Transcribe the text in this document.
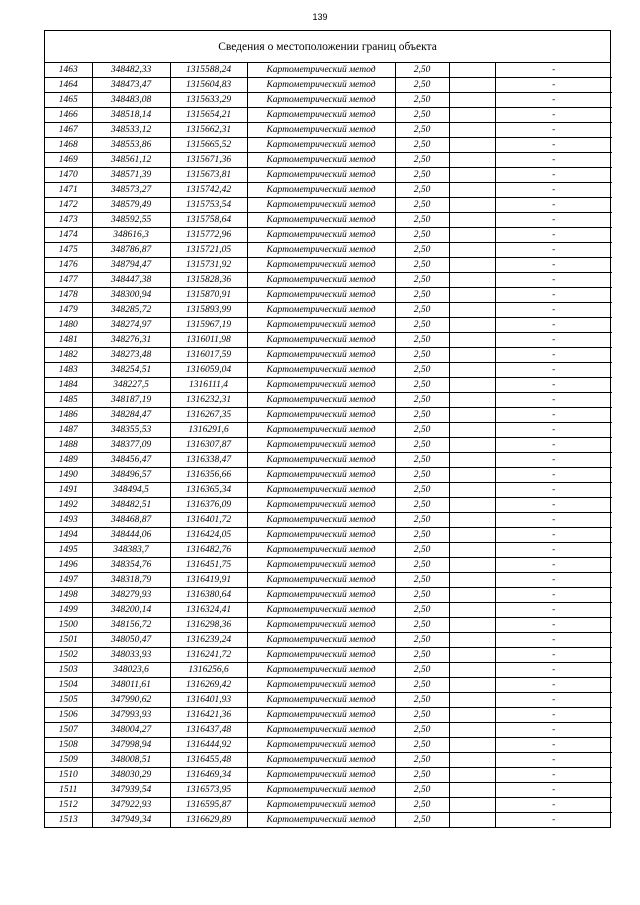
139
Сведения о местоположении границ объекта
1463	348482,33	1315588,24	Картометрический метод	2,50		-
1464	348473,47	1315604,83	Картометрический метод	2,50		-
1465	348483,08	1315633,29	Картометрический метод	2,50		-
1466	348518,14	1315654,21	Картометрический метод	2,50		-
1467	348533,12	1315662,31	Картометрический метод	2,50		-
1468	348553,86	1315665,52	Картометрический метод	2,50		-
1469	348561,12	1315671,36	Картометрический метод	2,50		-
1470	348571,39	1315673,81	Картометрический метод	2,50		-
1471	348573,27	1315742,42	Картометрический метод	2,50		-
1472	348579,49	1315753,54	Картометрический метод	2,50		-
1473	348592,55	1315758,64	Картометрический метод	2,50		-
1474	348616,3	1315772,96	Картометрический метод	2,50		-
1475	348786,87	1315721,05	Картометрический метод	2,50		-
1476	348794,47	1315731,92	Картометрический метод	2,50		-
1477	348447,38	1315828,36	Картометрический метод	2,50		-
1478	348300,94	1315870,91	Картометрический метод	2,50		-
1479	348285,72	1315893,99	Картометрический метод	2,50		-
1480	348274,97	1315967,19	Картометрический метод	2,50		-
1481	348276,31	1316011,98	Картометрический метод	2,50		-
1482	348273,48	1316017,59	Картометрический метод	2,50		-
1483	348254,51	1316059,04	Картометрический метод	2,50		-
1484	348227,5	1316111,4	Картометрический метод	2,50		-
1485	348187,19	1316232,31	Картометрический метод	2,50		-
1486	348284,47	1316267,35	Картометрический метод	2,50		-
1487	348355,53	1316291,6	Картометрический метод	2,50		-
1488	348377,09	1316307,87	Картометрический метод	2,50		-
1489	348456,47	1316338,47	Картометрический метод	2,50		-
1490	348496,57	1316356,66	Картометрический метод	2,50		-
1491	348494,5	1316365,34	Картометрический метод	2,50		-
1492	348482,51	1316376,09	Картометрический метод	2,50		-
1493	348468,87	1316401,72	Картометрический метод	2,50		-
1494	348444,06	1316424,05	Картометрический метод	2,50		-
1495	348383,7	1316482,76	Картометрический метод	2,50		-
1496	348354,76	1316451,75	Картометрический метод	2,50		-
1497	348318,79	1316419,91	Картометрический метод	2,50		-
1498	348279,93	1316380,64	Картометрический метод	2,50		-
1499	348200,14	1316324,41	Картометрический метод	2,50		-
1500	348156,72	1316298,36	Картометрический метод	2,50		-
1501	348050,47	1316239,24	Картометрический метод	2,50		-
1502	348033,93	1316241,72	Картометрический метод	2,50		-
1503	348023,6	1316256,6	Картометрический метод	2,50		-
1504	348011,61	1316269,42	Картометрический метод	2,50		-
1505	347990,62	1316401,93	Картометрический метод	2,50		-
1506	347993,93	1316421,36	Картометрический метод	2,50		-
1507	348004,27	1316437,48	Картометрический метод	2,50		-
1508	347998,94	1316444,92	Картометрический метод	2,50		-
1509	348008,51	1316455,48	Картометрический метод	2,50		-
1510	348030,29	1316469,34	Картометрический метод	2,50		-
1511	347939,54	1316573,95	Картометрический метод	2,50		-
1512	347922,93	1316595,87	Картометрический метод	2,50		-
1513	347949,34	1316629,89	Картометрический метод	2,50		-
